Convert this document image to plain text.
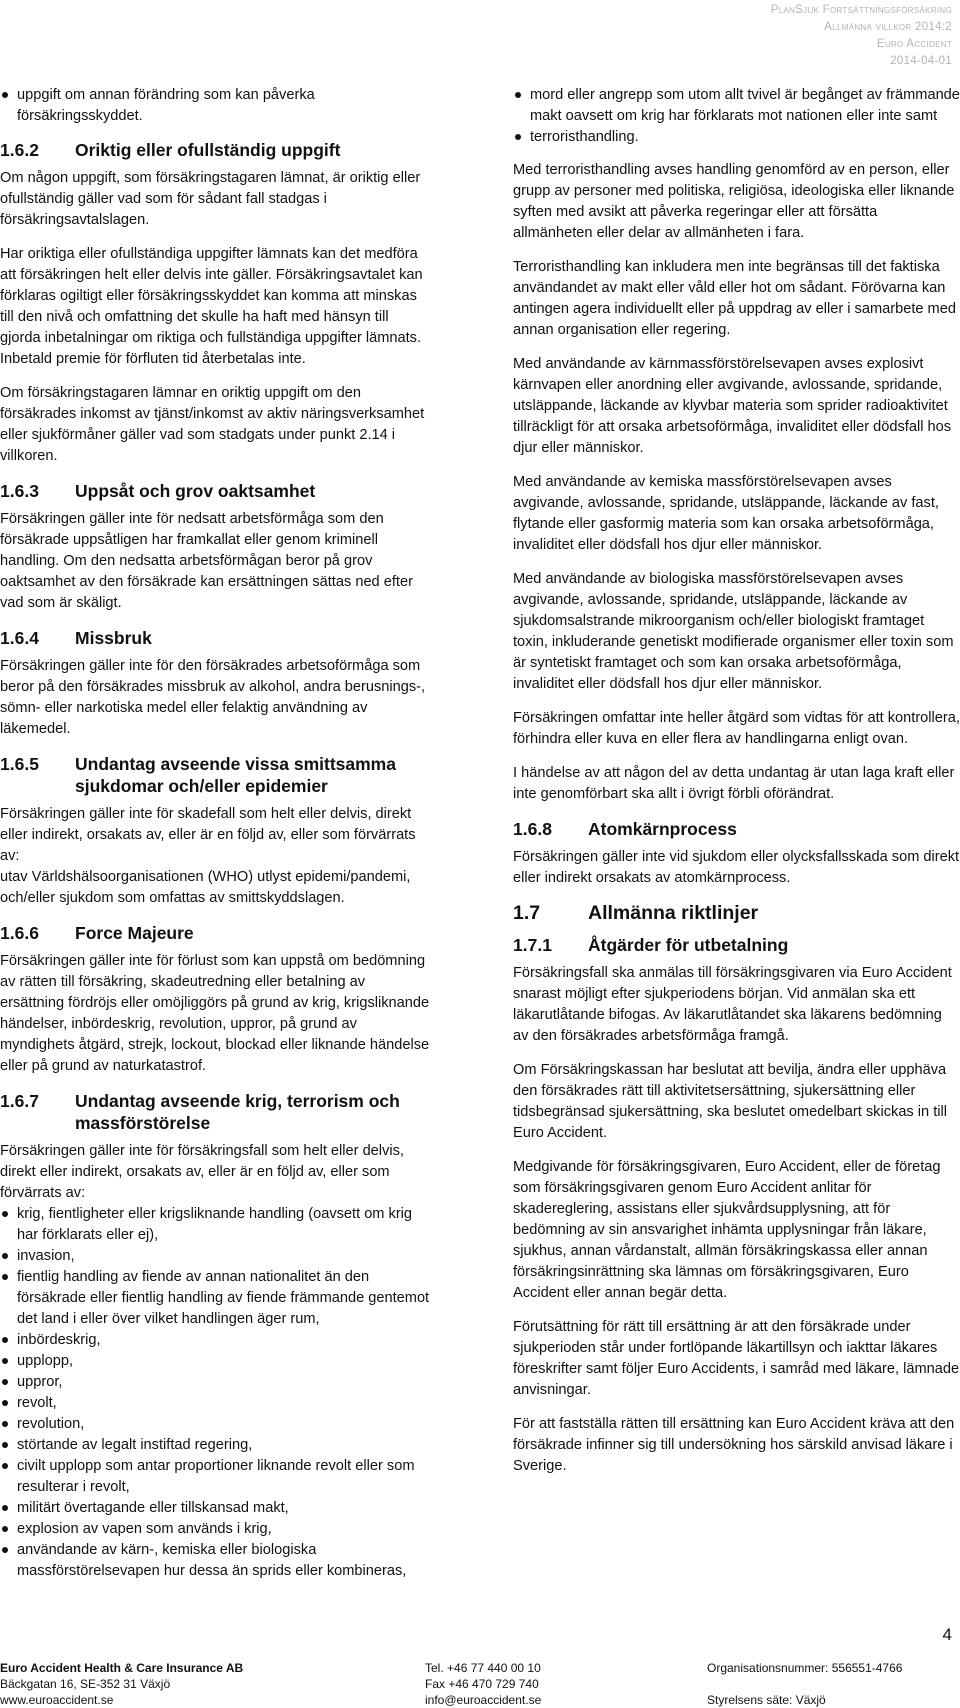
PlanSjuk Fortsättningsförsäkring
Allmänna villkor 2014:2
Euro Accident
2014-04-01
uppgift om annan förändring som kan påverka försäkringsskyddet.
1.6.2 Oriktig eller ofullständig uppgift

Om någon uppgift, som försäkringstagaren lämnat, är oriktig eller ofullständig gäller vad som för sådant fall stadgas i försäkringsavtalslagen.

Har oriktiga eller ofullständiga uppgifter lämnats kan det medföra att försäkringen helt eller delvis inte gäller. Försäkringsavtalet kan förklaras ogiltigt eller försäkringsskyddet kan komma att minskas till den nivå och omfattning det skulle ha haft med hänsyn till gjorda inbetalningar om riktiga och fullständiga uppgifter lämnats. Inbetald premie för förfluten tid återbetalas inte.

Om försäkringstagaren lämnar en oriktig uppgift om den försäkrades inkomst av tjänst/inkomst av aktiv näringsverksamhet eller sjukförmåner gäller vad som stadgats under punkt 2.14 i villkoren.

1.6.3 Uppsåt och grov oaktsamhet

Försäkringen gäller inte för nedsatt arbetsförmåga som den försäkrade uppsåtligen har framkallat eller genom kriminell handling. Om den nedsatta arbetsförmågan beror på grov oaktsamhet av den försäkrade kan ersättningen sättas ned efter vad som är skäligt.

1.6.4 Missbruk

Försäkringen gäller inte för den försäkrades arbetsoförmåga som beror på den försäkrades missbruk av alkohol, andra berusnings-, sömn- eller narkotiska medel eller felaktig användning av läkemedel.

1.6.5 Undantag avseende vissa smittsamma sjukdomar och/eller epidemier

Försäkringen gäller inte för skadefall som helt eller delvis, direkt eller indirekt, orsakats av, eller är en följd av, eller som förvärrats av:

utav Världshälsoorganisationen (WHO) utlyst epidemi/pandemi, och/eller sjukdom som omfattas av smittskyddslagen.

1.6.6 Force Majeure

Försäkringen gäller inte för förlust som kan uppstå om bedömning av rätten till försäkring, skadeutredning eller betalning av ersättning fördröjs eller omöjliggörs på grund av krig, krigsliknande händelser, inbördeskrig, revolution, uppror, på grund av myndighets åtgärd, strejk, lockout, blockad eller liknande händelse eller på grund av naturkatastrof.

1.6.7 Undantag avseende krig, terrorism och massförstörelse

Försäkringen gäller inte för försäkringsfall som helt eller delvis, direkt eller indirekt, orsakats av, eller är en följd av, eller som förvärrats av:

krig, fientligheter eller krigsliknande handling (oavsett om krig har förklarats eller ej),
invasion,
fientlig handling av fiende av annan nationalitet än den försäkrade eller fientlig handling av fiende främmande gentemot det land i eller över vilket handlingen äger rum,
inbördeskrig,
upplopp,
uppror,
revolt,
revolution,
störtande av legalt instiftad regering,
civilt upplopp som antar proportioner liknande revolt eller som resulterar i revolt,
militärt övertagande eller tillskansad makt,
explosion av vapen som används i krig,
användande av kärn-, kemiska eller biologiska massförstörelsevapen hur dessa än sprids eller kombineras,
mord eller angrepp som utom allt tvivel är begånget av främmande makt oavsett om krig har förklarats mot nationen eller inte samt
terroristhandling.

Med terroristhandling avses handling genomförd av en person, eller grupp av personer med politiska, religiösa, ideologiska eller liknande syften med avsikt att påverka regeringar eller att försätta allmänheten eller delar av allmänheten i fara.

Terroristhandling kan inkludera men inte begränsas till det faktiska användandet av makt eller våld eller hot om sådant. Förövarna kan antingen agera individuellt eller på uppdrag av eller i samarbete med annan organisation eller regering.

Med användande av kärnmassförstörelsevapen avses explosivt kärnvapen eller anordning eller avgivande, avlossande, spridande, utsläppande, läckande av klyvbar materia som sprider radioaktivitet tillräckligt för att orsaka arbetsoförmåga, invaliditet eller dödsfall hos djur eller människor.

Med användande av kemiska massförstörelsevapen avses avgivande, avlossande, spridande, utsläppande, läckande av fast, flytande eller gasformig materia som kan orsaka arbetsoförmåga, invaliditet eller dödsfall hos djur eller människor.

Med användande av biologiska massförstörelsevapen avses avgivande, avlossande, spridande, utsläppande, läckande av sjukdomsalstrande mikroorganism och/eller biologiskt framtaget toxin, inkluderande genetiskt modifierade organismer eller toxin som är syntetiskt framtaget och som kan orsaka arbetsoförmåga, invaliditet eller dödsfall hos djur eller människor.

Försäkringen omfattar inte heller åtgärd som vidtas för att kontrollera, förhindra eller kuva en eller flera av handlingarna enligt ovan.

I händelse av att någon del av detta undantag är utan laga kraft eller inte genomförbart ska allt i övrigt förbli oförändrat.

1.6.8 Atomkärnprocess

Försäkringen gäller inte vid sjukdom eller olycksfallsskada som direkt eller indirekt orsakats av atomkärnprocess.

1.7 Allmänna riktlinjer
1.7.1 Åtgärder för utbetalning

Försäkringsfall ska anmälas till försäkringsgivaren via Euro Accident snarast möjligt efter sjukperiodens början. Vid anmälan ska ett läkarutlåtande bifogas. Av läkarutlåtandet ska läkarens bedömning av den försäkrades arbetsförmåga framgå.

Om Försäkringskassan har beslutat att bevilja, ändra eller upphäva den försäkrades rätt till aktivitetsersättning, sjukersättning eller tidsbegränsad sjukersättning, ska beslutet omedelbart skickas in till Euro Accident.

Medgivande för försäkringsgivaren, Euro Accident, eller de företag som försäkringsgivaren genom Euro Accident anlitar för skadereglering, assistans eller sjukvårdsupplysning, att för bedömning av sin ansvarighet inhämta upplysningar från läkare, sjukhus, annan vårdanstalt, allmän försäkringskassa eller annan försäkringsinrättning ska lämnas om försäkringsgivaren, Euro Accident eller annan begär detta.

Förutsättning för rätt till ersättning är att den försäkrade under sjukperioden står under fortlöpande läkartillsyn och iakttar läkares föreskrifter samt följer Euro Accidents, i samråd med läkare, lämnade anvisningar.

För att fastställa rätten till ersättning kan Euro Accident kräva att den försäkrade infinner sig till undersökning hos särskild anvisad läkare i Sverige.

4
Euro Accident Health & Care Insurance AB
Bäckgatan 16, SE-352 31 Växjö
www.euroaccident.se
Tel. +46 77 440 00 10
Fax +46 470 729 740
info@euroaccident.se
Organisationsnummer: 556551-4766
Styrelsens säte: Växjö
